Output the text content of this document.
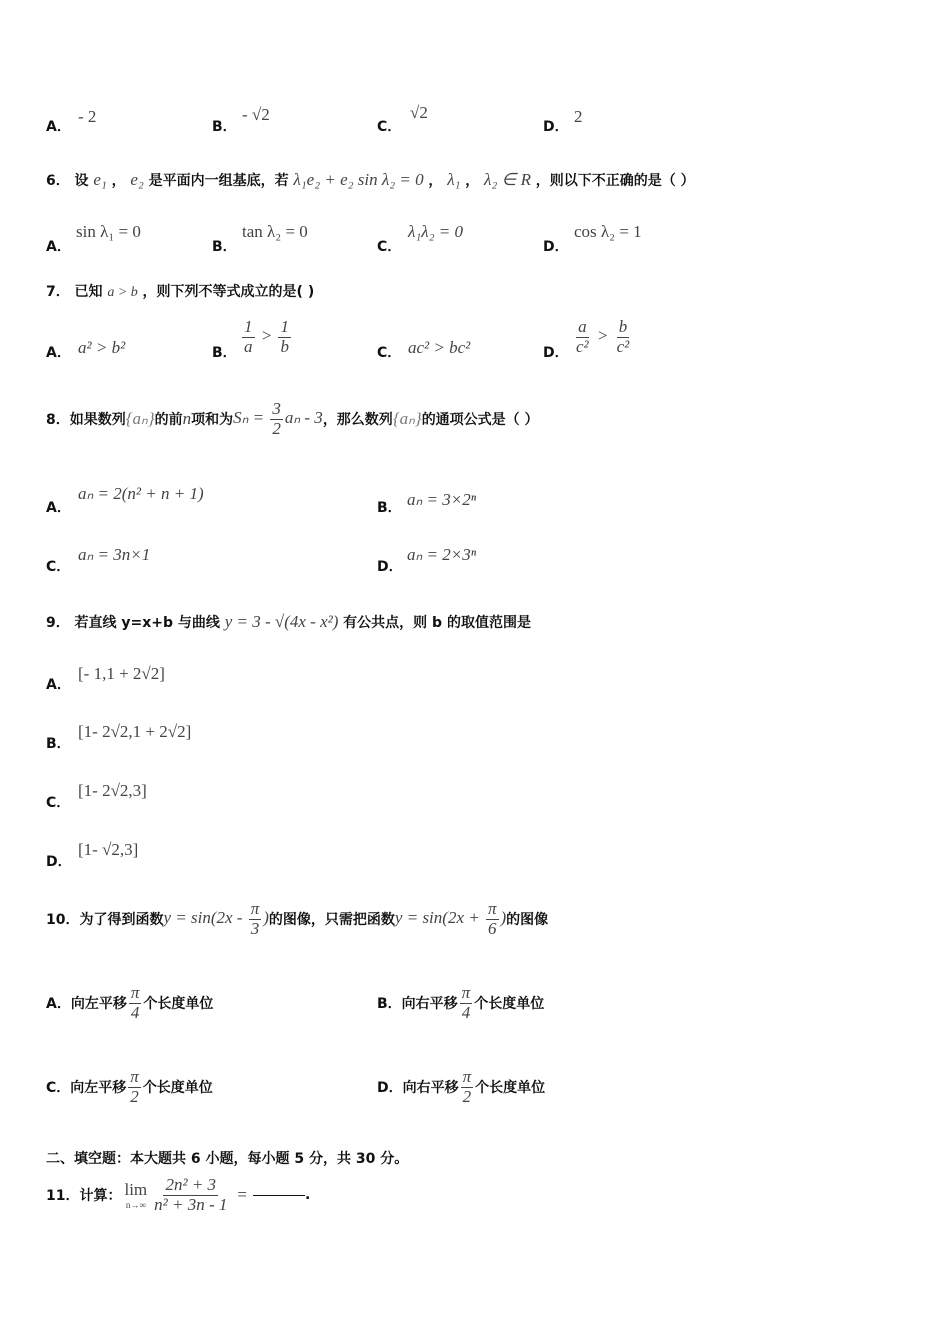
A．
- 2
B．
- √2
C．
√2
D．
2
6． 设 e₁ ， e₂ 是平面内一组基底，若 λ₁e₂ + e₂ sin λ₂ = 0 ， λ₁ ， λ₂ ∈ R ，则以下不正确的是（ ）
A．
sin λ₁ = 0
B．
tan λ₂ = 0
C．
λ₁λ₂ = 0
D．
cos λ₂ = 1
7． 已知 a > b ，则下列不等式成立的是( )
A． a² > b²	B． $\frac{1}{a} > \frac{1}{b}$	C． ac² > bc²	D． $\frac{a}{\text{c²}} > \frac{b}{\text{c²}}$
8． 如果数列 {aₙ} 的前 n 项和为 $S_n = \frac{3}{2}$ aₙ - 3 ，那么数列 {aₙ} 的通项公式是（ ）
A．
aₙ = 2(n² + n + 1)
B． aₙ = 3×2ⁿ
C．
aₙ = 3n×1
D．
aₙ = 2×3ⁿ
9． 若直线 y=x+b 与曲线 y = 3 - √(4x - x²) 有公共点，则 b 的取值范围是
A．
[- 1,1 + 2√2]
B．
[1- 2√2,1 + 2√2]
C．
[1- 2√2,3]
D．
[1- √2,3]
10． 为了得到函数 $y = \sin(2x - \frac{\pi}{3}$ ) 的图像，只需把函数 $y = \sin(2x + \frac{\pi}{6}$ ) 的图像
A． 向左平移 $\frac{\pi}{4}$ 个长度单位	B． 向右平移 $\frac{\pi}{4}$ 个长度单位
C． 向左平移 $\frac{\pi}{2}$ 个长度单位	D． 向右平移 $\frac{\pi}{2}$ 个长度单位
二、填空题：本大题共 6 小题，每小题 5 分，共 30 分。
11． 计算： lim
$n\to\infty \frac{\text{2n² + 3}}{\text{n² + 3n - 1}}$ =	.
